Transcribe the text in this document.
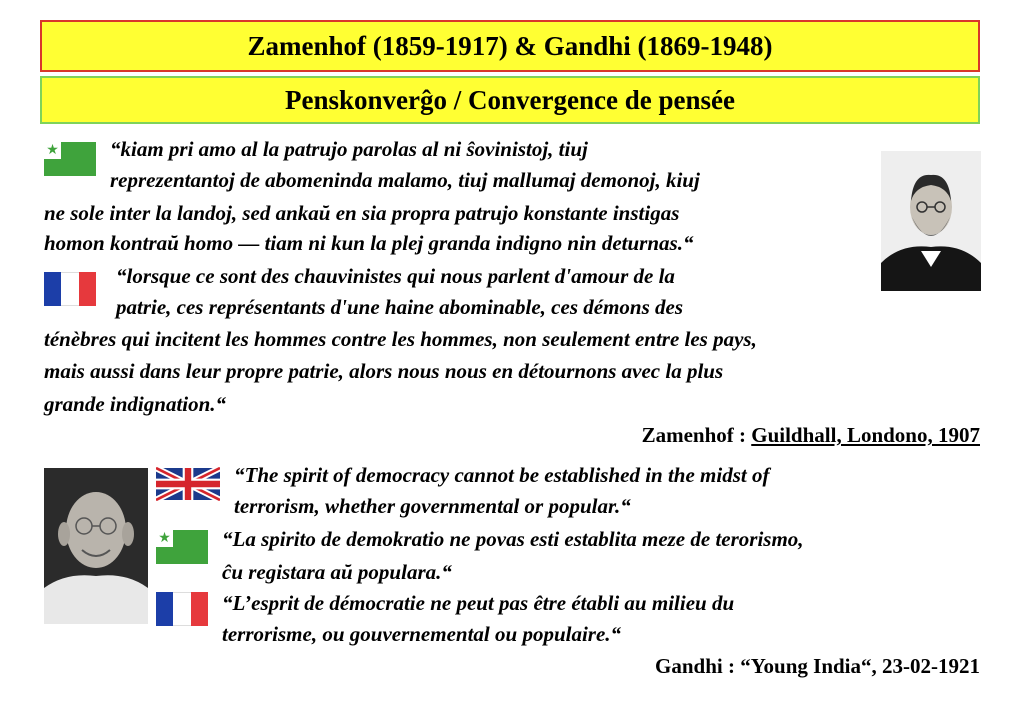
Zamenhof (1859-1917) & Gandhi (1869-1948)
Penskonverĝo / Convergence de pensée
★ “kiam pri amo al la patrujo parolas al ni ŝovinistoj, tiuj

reprezentantoj de abomeninda malamo, tiuj mallumaj demonoj, kiuj

ne sole inter la landoj, sed ankaŭ en sia propra patrujo konstante instigas

homon kontraŭ homo — tiam ni kun la plej granda indigno nin deturnas.“

“lorsque ce sont des chauvinistes qui nous parlent d'amour de la

patrie, ces représentants d'une haine abominable, ces démons des

ténèbres qui incitent les hommes contre les hommes, non seulement entre les pays,

mais aussi dans leur propre patrie, alors nous nous en détournons avec la plus

grande indignation.“

Zamenhof : Guildhall, Londono, 1907

“The spirit of democracy cannot be established in the midst of

terrorism, whether governmental or popular.“

★ “La spirito de demokratio ne povas esti establita meze de terorismo,

ĉu registara aŭ popularа.“

“L’esprit de démocratie ne peut pas être établi au milieu du

terrorisme, ou gouvernemental ou populaire.“

Gandhi : “Young India“, 23-02-1921
